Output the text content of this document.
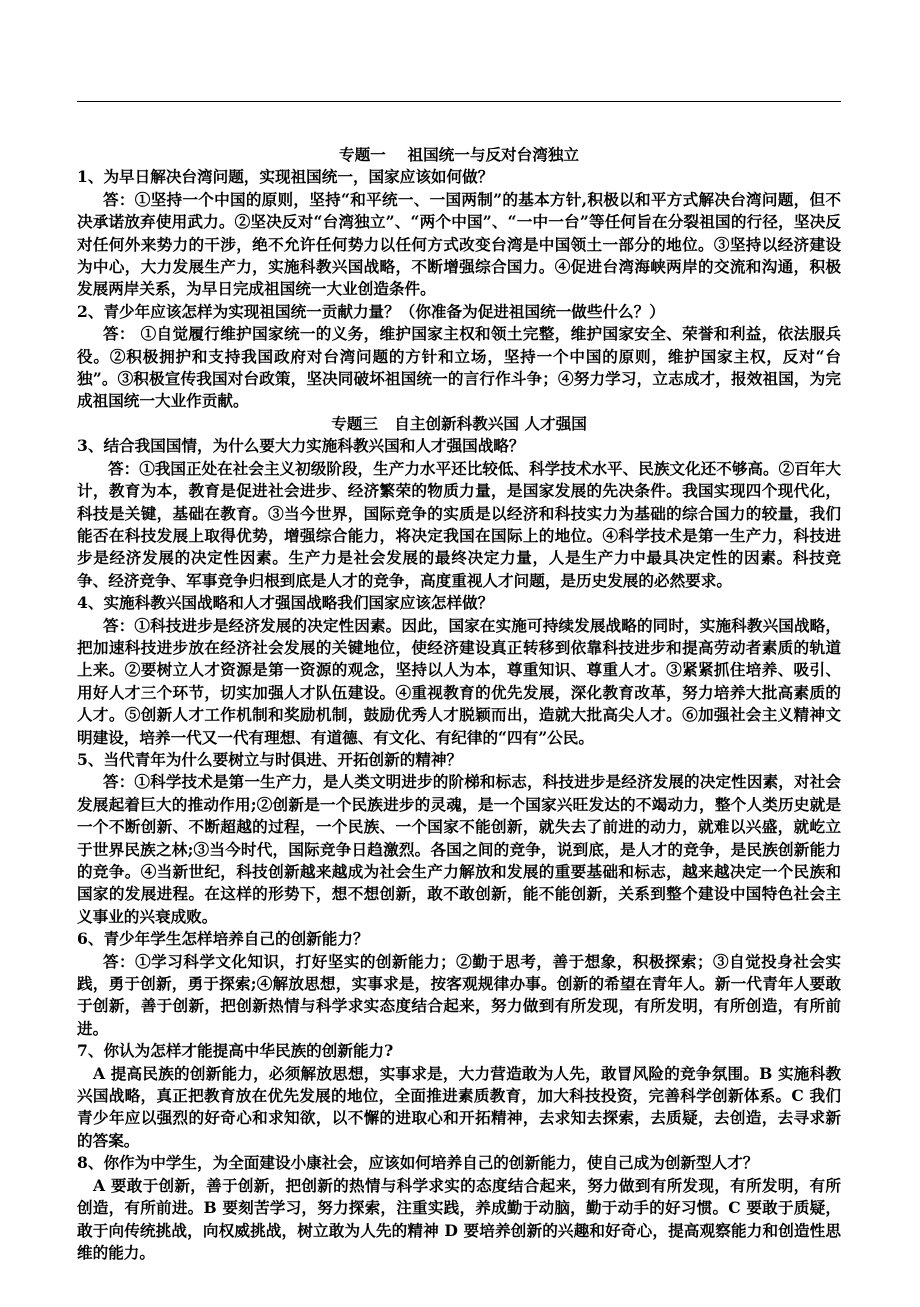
专题一    祖国统一与反对台湾独立

1、为早日解决台湾问题，实现祖国统一，国家应该如何做？

答：①坚持一个中国的原则，坚持“和平统一、一国两制”的基本方针,积极以和平方式解决台湾问题，但不决承诺放弃使用武力。②坚决反对“台湾独立”、“两个中国”、“一中一台”等任何旨在分裂祖国的行径，坚决反对任何外来势力的干涉，绝不允许任何势力以任何方式改变台湾是中国领土一部分的地位。③坚持以经济建设为中心，大力发展生产力，实施科教兴国战略，不断增强综合国力。④促进台湾海峡两岸的交流和沟通，积极发展两岸关系，为早日完成祖国统一大业创造条件。

2、青少年应该怎样为实现祖国统一贡献力量？（你准备为促进祖国统一做些什么？）

答： ①自觉履行维护国家统一的义务，维护国家主权和领土完整，维护国家安全、荣誉和利益，依法服兵役。②积极拥护和支持我国政府对台湾问题的方针和立场，坚持一个中国的原则，维护国家主权，反对“台独”。③积极宣传我国对台政策，坚决同破坏祖国统一的言行作斗争；④努力学习，立志成才，报效祖国，为完成祖国统一大业作贡献。

专题三   自主创新科教兴国 人才强国

3、结合我国国情，为什么要大力实施科教兴国和人才强国战略？

答：①我国正处在社会主义初级阶段，生产力水平还比较低、科学技术水平、民族文化还不够高。②百年大计，教育为本，教育是促进社会进步、经济繁荣的物质力量，是国家发展的先决条件。我国实现四个现代化，科技是关键，基础在教育。③当今世界，国际竞争的实质是以经济和科技实力为基础的综合国力的较量，我们能否在科技发展上取得优势，增强综合能力，将决定我国在国际上的地位。④科学技术是第一生产力，科技进步是经济发展的决定性因素。生产力是社会发展的最终决定力量，人是生产力中最具决定性的因素。科技竞争、经济竞争、军事竞争归根到底是人才的竞争，高度重视人才问题，是历史发展的必然要求。

4、实施科教兴国战略和人才强国战略我们国家应该怎样做？

答：①科技进步是经济发展的决定性因素。因此，国家在实施可持续发展战略的同时，实施科教兴国战略，把加速科技进步放在经济社会发展的关键地位，使经济建设真正转移到依靠科技进步和提高劳动者素质的轨道上来。②要树立人才资源是第一资源的观念，坚持以人为本，尊重知识、尊重人才。③紧紧抓住培养、吸引、用好人才三个环节，切实加强人才队伍建设。④重视教育的优先发展，深化教育改革，努力培养大批高素质的人才。⑤创新人才工作机制和奖励机制，鼓励优秀人才脱颖而出，造就大批高尖人才。⑥加强社会主义精神文明建设，培养一代又一代有理想、有道德、有文化、有纪律的“四有”公民。

5、当代青年为什么要树立与时俱进、开拓创新的精神？

答：①科学技术是第一生产力，是人类文明进步的阶梯和标志，科技进步是经济发展的决定性因素，对社会发展起着巨大的推动作用;②创新是一个民族进步的灵魂，是一个国家兴旺发达的不竭动力，整个人类历史就是一个不断创新、不断超越的过程，一个民族、一个国家不能创新，就失去了前进的动力，就难以兴盛，就屹立于世界民族之林;③当今时代，国际竞争日趋激烈。各国之间的竞争，说到底，是人才的竞争，是民族创新能力的竞争。④当新世纪，科技创新越来越成为社会生产力解放和发展的重要基础和标志，越来越决定一个民族和国家的发展进程。在这样的形势下，想不想创新，敢不敢创新，能不能创新，关系到整个建设中国特色社会主义事业的兴衰成败。

6、青少年学生怎样培养自己的创新能力？

答：①学习科学文化知识，打好坚实的创新能力；②勤于思考，善于想象，积极探索；③自觉投身社会实践，勇于创新，勇于探索;④解放思想，实事求是，按客观规律办事。创新的希望在青年人。新一代青年人要敢于创新，善于创新，把创新热情与科学求实态度结合起来，努力做到有所发现，有所发明，有所创造，有所前进。

7、你认为怎样才能提高中华民族的创新能力?

A 提高民族的创新能力，必须解放思想，实事求是，大力营造敢为人先，敢冒风险的竞争氛围。B 实施科教兴国战略，真正把教育放在优先发展的地位，全面推进素质教育，加大科技投资，完善科学创新体系。C 我们青少年应以强烈的好奇心和求知欲，以不懈的进取心和开拓精神，去求知去探索，去质疑，去创造，去寻求新的答案。

8、你作为中学生，为全面建设小康社会，应该如何培养自己的创新能力，使自己成为创新型人才？

A 要敢于创新，善于创新，把创新的热情与科学求实的态度结合起来，努力做到有所发现，有所发明，有所创造，有所前进。B 要刻苦学习，努力探索，注重实践，养成勤于动脑，勤于动手的好习惯。C 要敢于质疑，敢于向传统挑战，向权威挑战，树立敢为人先的精神 D 要培养创新的兴趣和好奇心，提高观察能力和创造性思维的能力。
